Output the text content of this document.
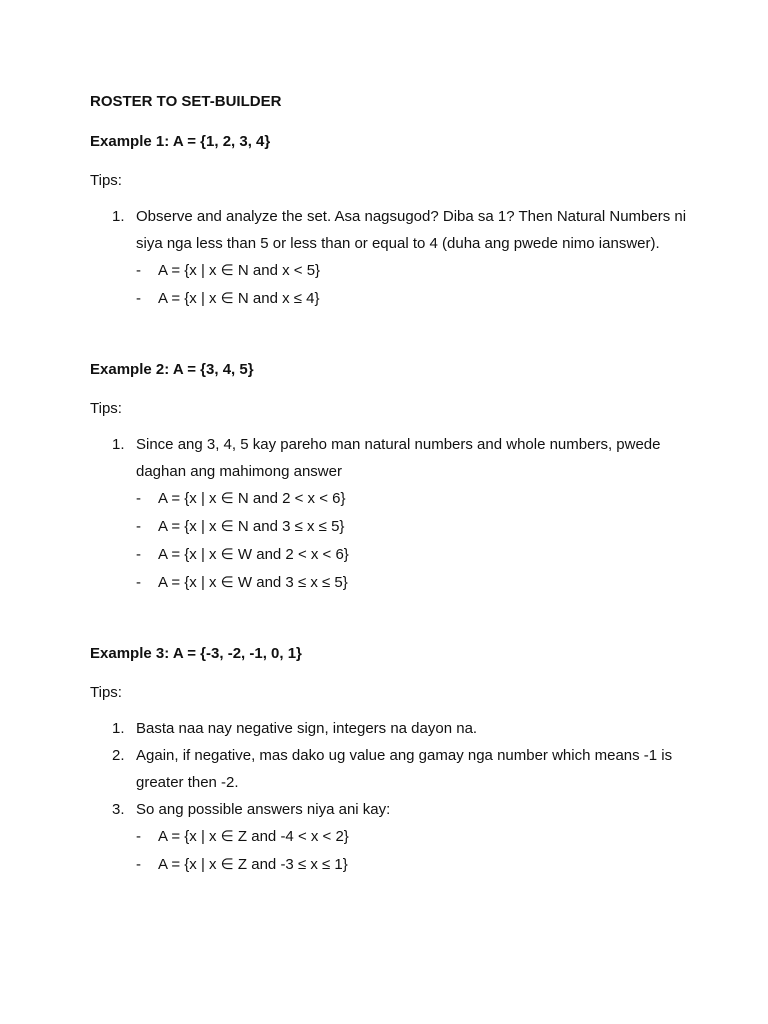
ROSTER TO SET-BUILDER
Example 1: A = {1, 2, 3, 4}
Tips:
1. Observe and analyze the set. Asa nagsugod? Diba sa 1? Then Natural Numbers ni siya nga less than 5 or less than or equal to 4 (duha ang pwede nimo ianswer).
- A = {x | x ∈ N and x < 5}
- A = {x | x ∈ N and x ≤ 4}
Example 2: A = {3, 4, 5}
Tips:
1. Since ang 3, 4, 5 kay pareho man natural numbers and whole numbers, pwede daghan ang mahimong answer
- A = {x | x ∈ N and 2 < x < 6}
- A = {x | x ∈ N and 3 ≤ x ≤ 5}
- A = {x | x ∈ W and 2 < x < 6}
- A = {x | x ∈ W and 3 ≤ x ≤ 5}
Example 3: A = {-3, -2, -1, 0, 1}
Tips:
1. Basta naa nay negative sign, integers na dayon na.
2. Again, if negative, mas dako ug value ang gamay nga number which means -1 is greater then -2.
3. So ang possible answers niya ani kay:
- A = {x | x ∈ Z and -4 < x < 2}
- A = {x | x ∈ Z and -3 ≤ x ≤ 1}
